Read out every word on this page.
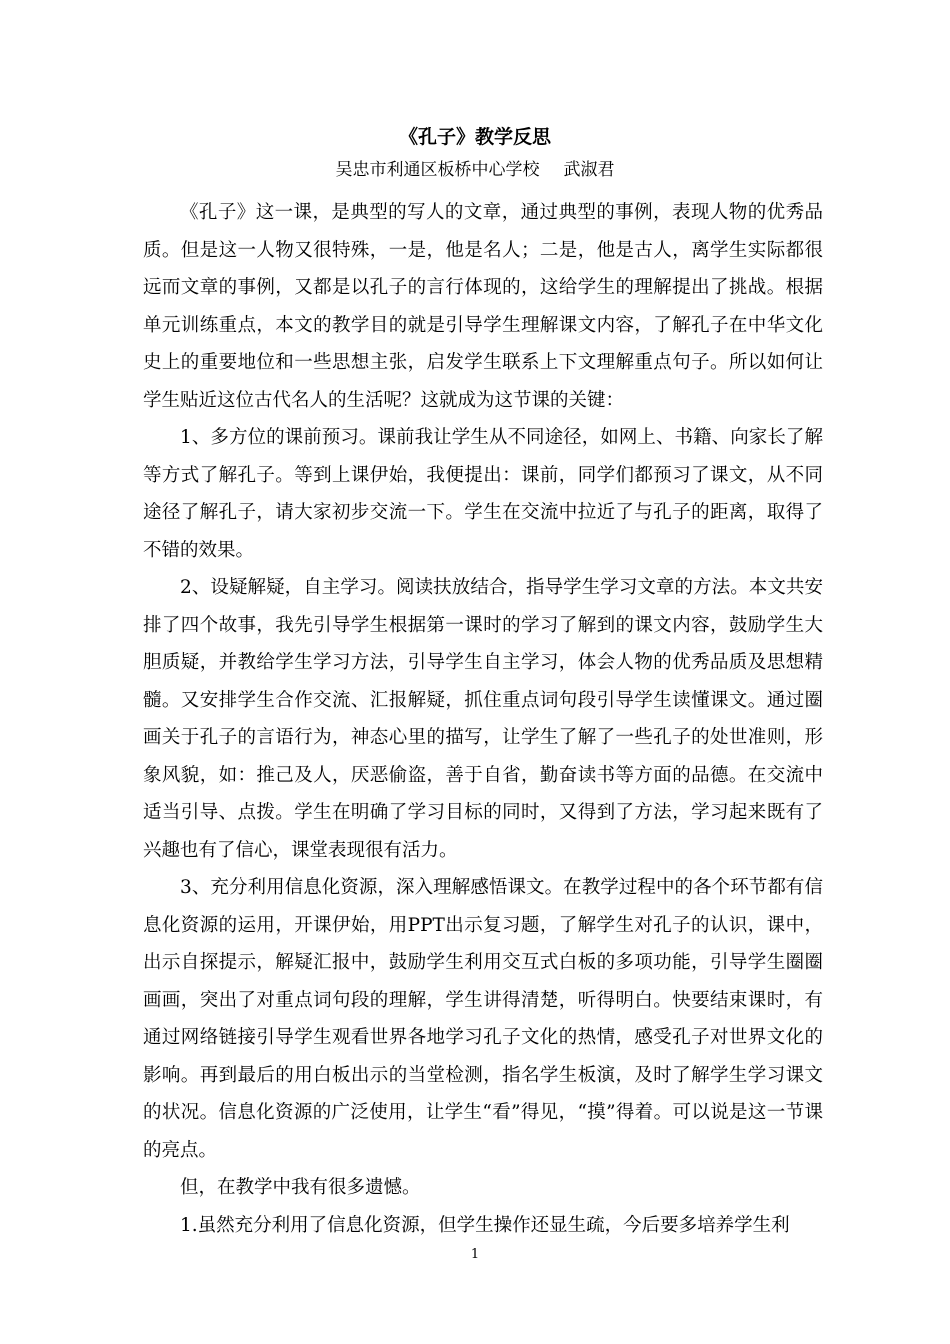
《孔子》教学反思
吴忠市利通区板桥中心学校 武淑君

《孔子》这一课，是典型的写人的文章，通过典型的事例，表现人物的优秀品质。但是这一人物又很特殊，一是，他是名人；二是，他是古人，离学生实际都很远而文章的事例，又都是以孔子的言行体现的，这给学生的理解提出了挑战。根据单元训练重点，本文的教学目的就是引导学生理解课文内容，了解孔子在中华文化史上的重要地位和一些思想主张，启发学生联系上下文理解重点句子。所以如何让学生贴近这位古代名人的生活呢？这就成为这节课的关键：

1、多方位的课前预习。课前我让学生从不同途径，如网上、书籍、向家长了解等方式了解孔子。等到上课伊始，我便提出：课前，同学们都预习了课文，从不同途径了解孔子，请大家初步交流一下。学生在交流中拉近了与孔子的距离，取得了不错的效果。

2、设疑解疑，自主学习。阅读扶放结合，指导学生学习文章的方法。本文共安排了四个故事，我先引导学生根据第一课时的学习了解到的课文内容，鼓励学生大胆质疑，并教给学生学习方法，引导学生自主学习，体会人物的优秀品质及思想精髓。又安排学生合作交流、汇报解疑，抓住重点词句段引导学生读懂课文。通过圈画关于孔子的言语行为，神态心里的描写，让学生了解了一些孔子的处世准则，形象风貌，如：推己及人，厌恶偷盗，善于自省，勤奋读书等方面的品德。在交流中适当引导、点拨。学生在明确了学习目标的同时，又得到了方法，学习起来既有了兴趣也有了信心，课堂表现很有活力。

3、充分利用信息化资源，深入理解感悟课文。在教学过程中的各个环节都有信息化资源的运用，开课伊始，用PPT出示复习题，了解学生对孔子的认识，课中，出示自探提示，解疑汇报中，鼓励学生利用交互式白板的多项功能，引导学生圈圈画画，突出了对重点词句段的理解，学生讲得清楚，听得明白。快要结束课时，有通过网络链接引导学生观看世界各地学习孔子文化的热情，感受孔子对世界文化的影响。再到最后的用白板出示的当堂检测，指名学生板演，及时了解学生学习课文的状况。信息化资源的广泛使用，让学生“看”得见，“摸”得着。可以说是这一节课的亮点。

但，在教学中我有很多遗憾。

1.虽然充分利用了信息化资源，但学生操作还显生疏，今后要多培养学生利

1
